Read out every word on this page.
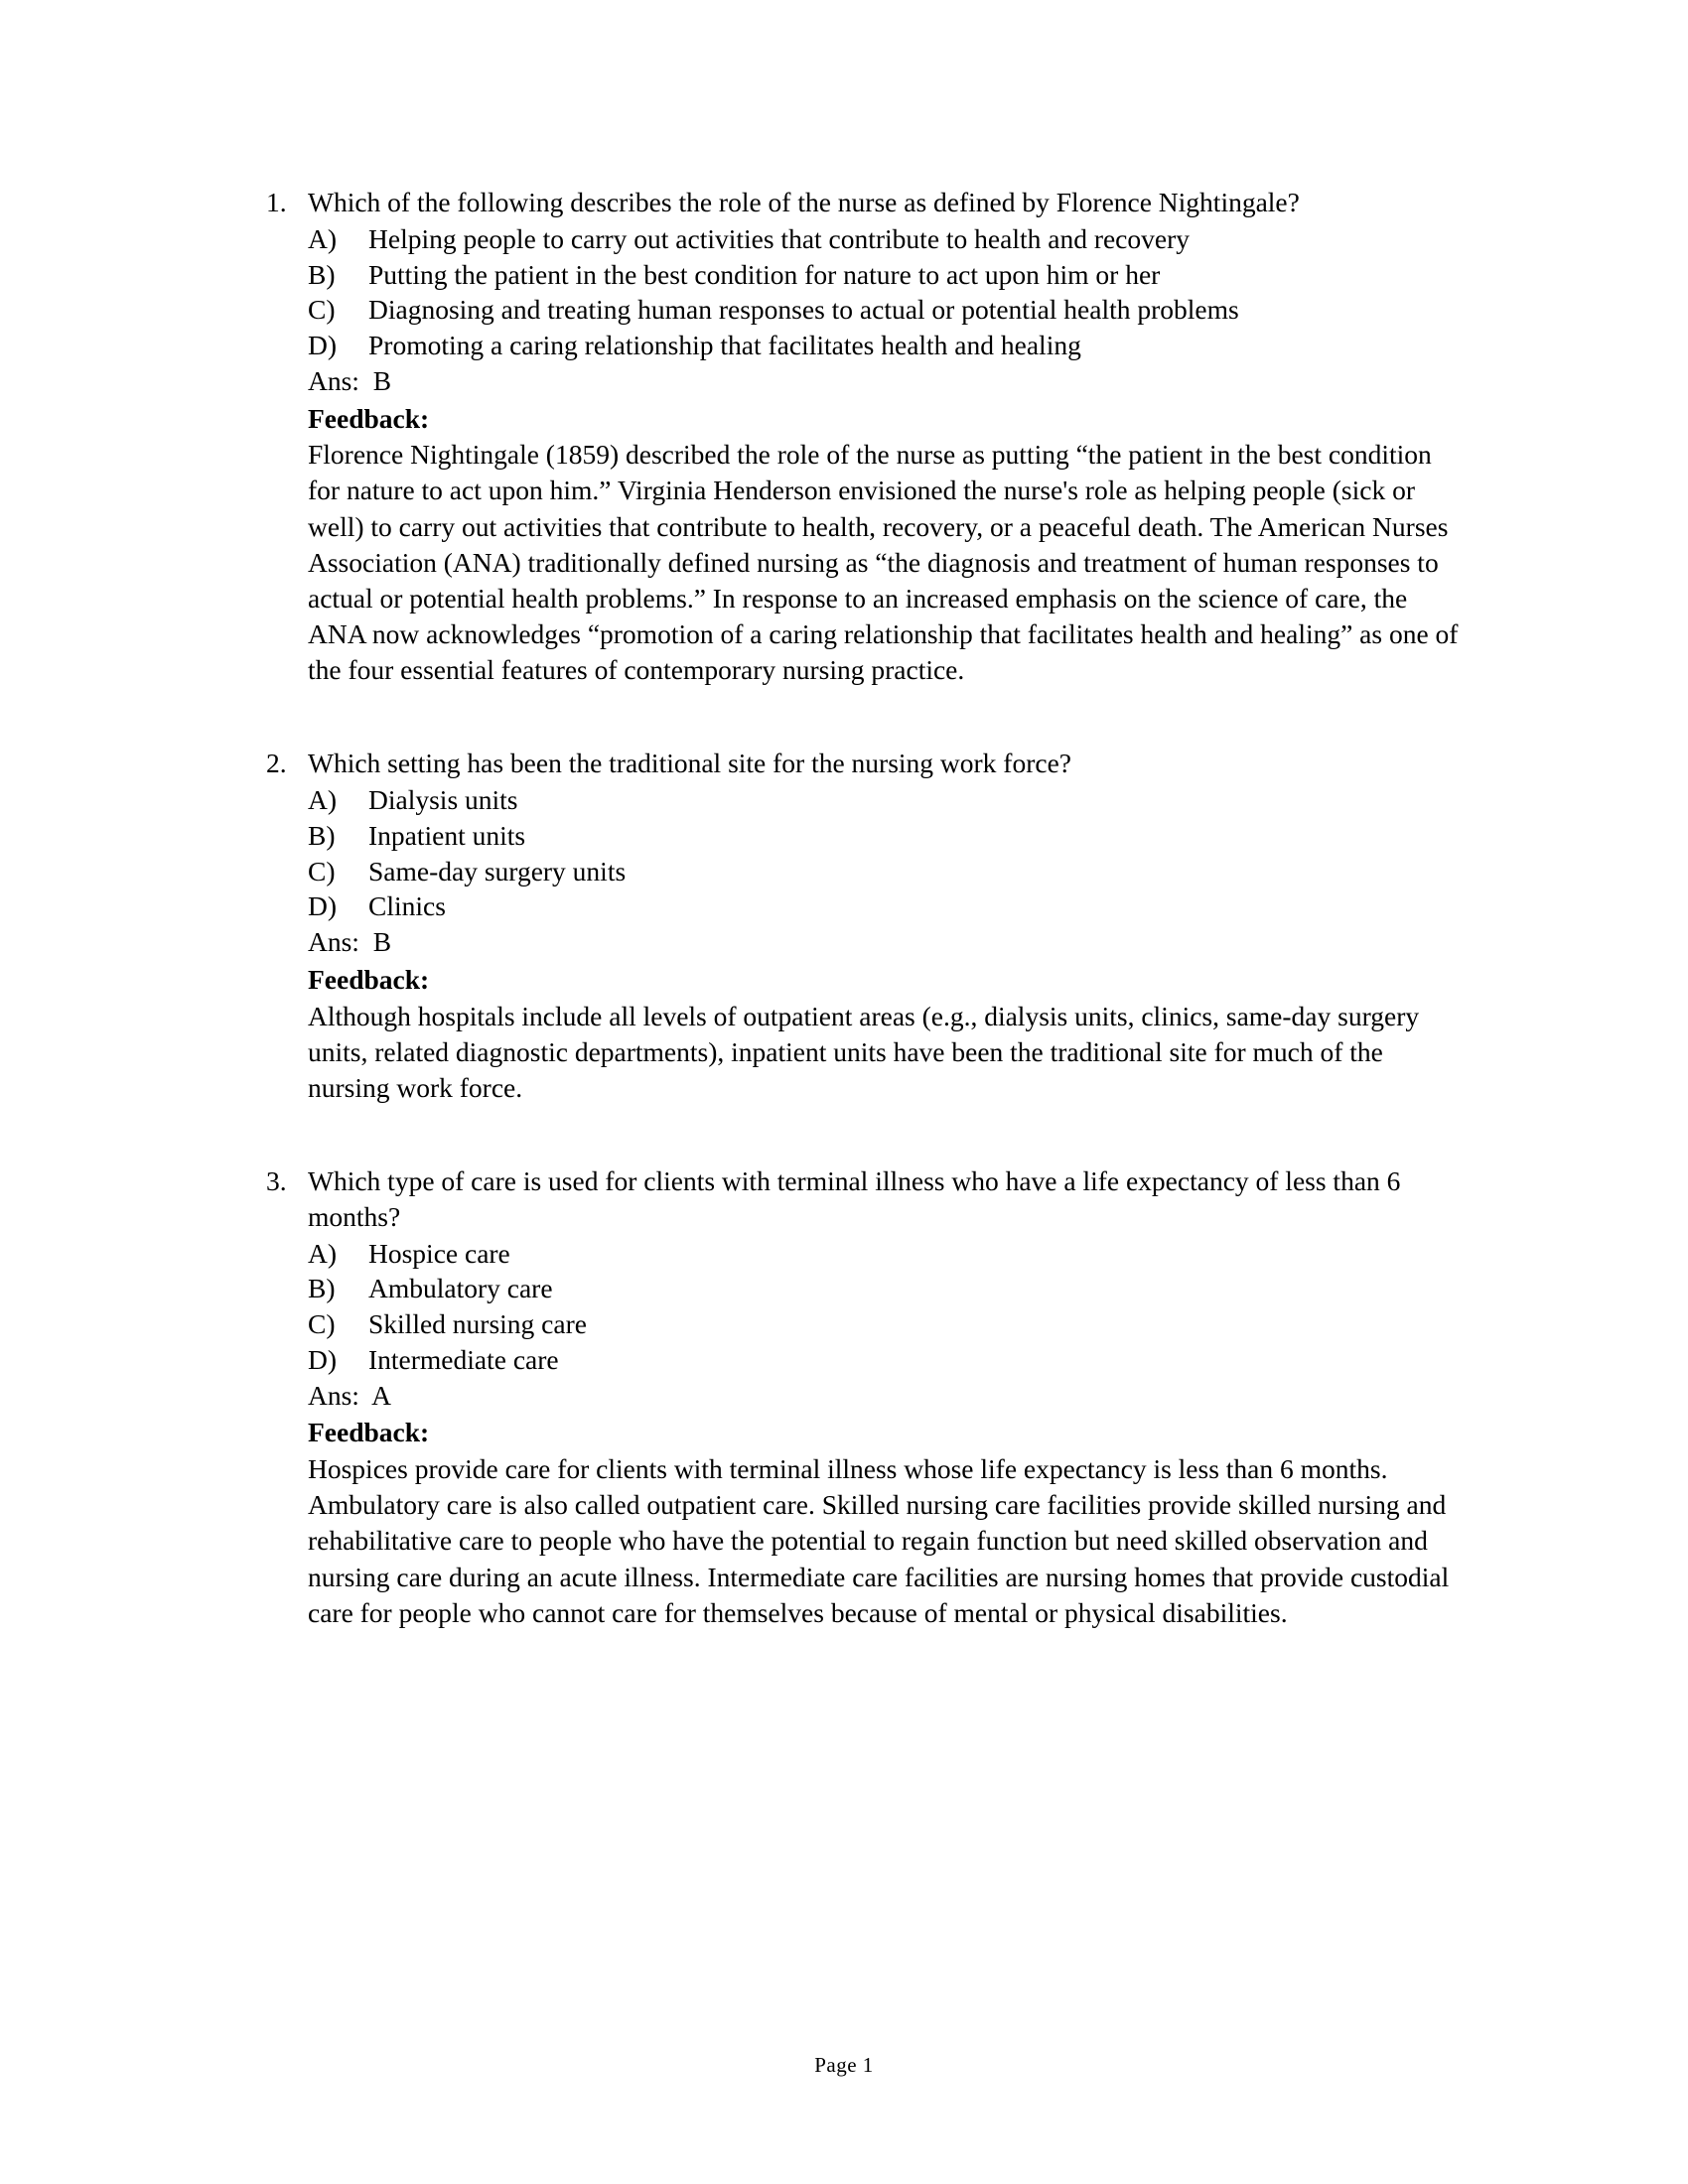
1. Which of the following describes the role of the nurse as defined by Florence Nightingale?
A)	Helping people to carry out activities that contribute to health and recovery
B)	Putting the patient in the best condition for nature to act upon him or her
C)	Diagnosing and treating human responses to actual or potential health problems
D)	Promoting a caring relationship that facilitates health and healing
Ans:  B
Feedback:
Florence Nightingale (1859) described the role of the nurse as putting “the patient in the best condition for nature to act upon him.” Virginia Henderson envisioned the nurse's role as helping people (sick or well) to carry out activities that contribute to health, recovery, or a peaceful death. The American Nurses Association (ANA) traditionally defined nursing as “the diagnosis and treatment of human responses to actual or potential health problems.” In response to an increased emphasis on the science of care, the ANA now acknowledges “promotion of a caring relationship that facilitates health and healing” as one of the four essential features of contemporary nursing practice.
2. Which setting has been the traditional site for the nursing work force?
A)	Dialysis units
B)	Inpatient units
C)	Same-day surgery units
D)	Clinics
Ans:  B
Feedback:
Although hospitals include all levels of outpatient areas (e.g., dialysis units, clinics, same-day surgery units, related diagnostic departments), inpatient units have been the traditional site for much of the nursing work force.
3. Which type of care is used for clients with terminal illness who have a life expectancy of less than 6 months?
A)	Hospice care
B)	Ambulatory care
C)	Skilled nursing care
D)	Intermediate care
Ans:  A
Feedback:
Hospices provide care for clients with terminal illness whose life expectancy is less than 6 months. Ambulatory care is also called outpatient care. Skilled nursing care facilities provide skilled nursing and rehabilitative care to people who have the potential to regain function but need skilled observation and nursing care during an acute illness. Intermediate care facilities are nursing homes that provide custodial care for people who cannot care for themselves because of mental or physical disabilities.
Page 1
